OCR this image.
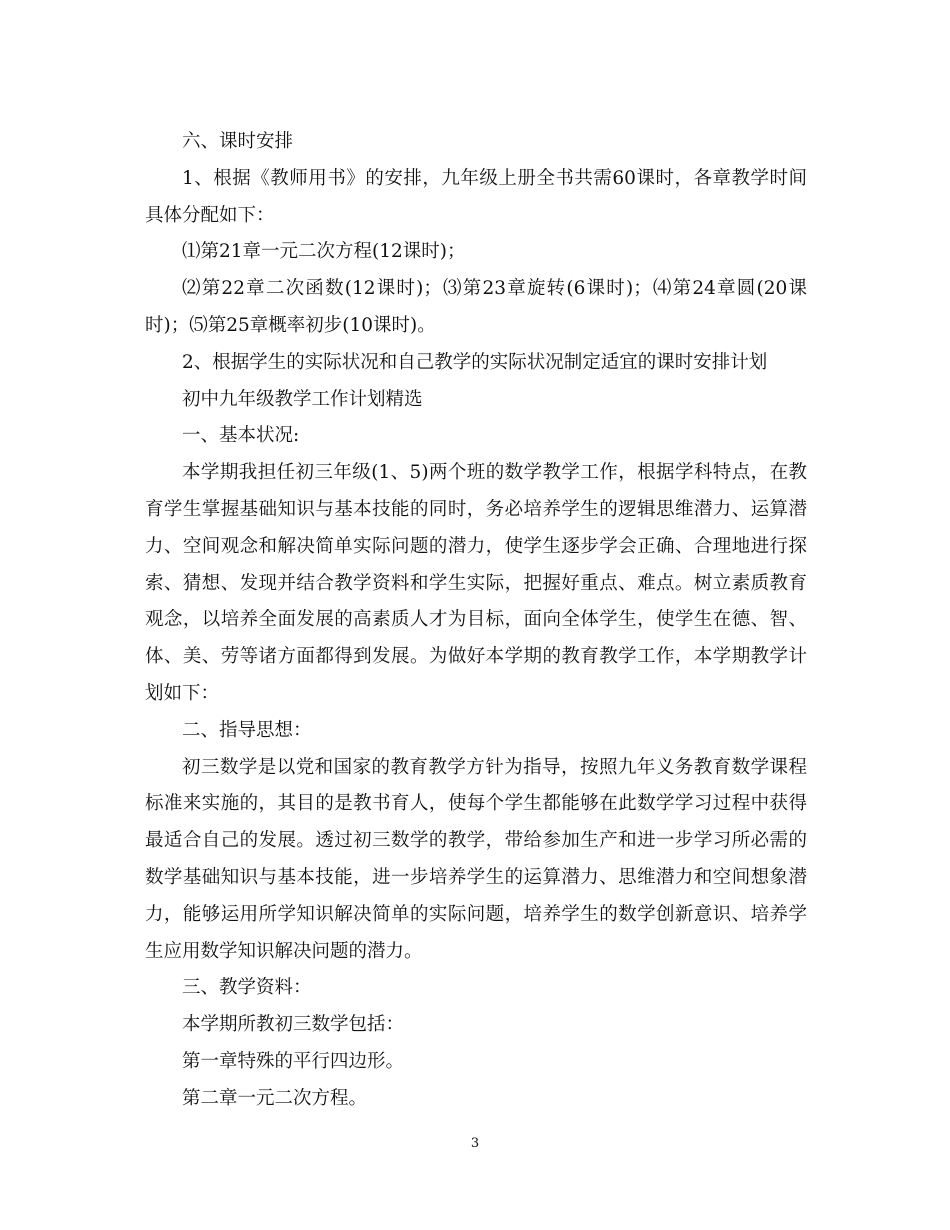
六、课时安排

1、根据《教师用书》的安排，九年级上册全书共需60课时，各章教学时间具体分配如下：

⑴第21章一元二次方程(12课时)；

⑵第22章二次函数(12课时)；⑶第23章旋转(6课时)；⑷第24章圆(20课时)；⑸第25章概率初步(10课时)。

2、根据学生的实际状况和自己教学的实际状况制定适宜的课时安排计划

初中九年级教学工作计划精选

一、基本状况:

本学期我担任初三年级(1、5)两个班的数学教学工作，根据学科特点，在教育学生掌握基础知识与基本技能的同时，务必培养学生的逻辑思维潜力、运算潜力、空间观念和解决简单实际问题的潜力，使学生逐步学会正确、合理地进行探索、猜想、发现并结合教学资料和学生实际，把握好重点、难点。树立素质教育观念，以培养全面发展的高素质人才为目标，面向全体学生，使学生在德、智、体、美、劳等诸方面都得到发展。为做好本学期的教育教学工作，本学期教学计划如下：

二、指导思想：

初三数学是以党和国家的教育教学方针为指导，按照九年义务教育数学课程标准来实施的，其目的是教书育人，使每个学生都能够在此数学学习过程中获得最适合自己的发展。透过初三数学的教学，带给参加生产和进一步学习所必需的数学基础知识与基本技能，进一步培养学生的运算潜力、思维潜力和空间想象潜力，能够运用所学知识解决简单的实际问题，培养学生的数学创新意识、培养学生应用数学知识解决问题的潜力。

三、教学资料：

本学期所教初三数学包括：

第一章特殊的平行四边形。

第二章一元二次方程。

3
